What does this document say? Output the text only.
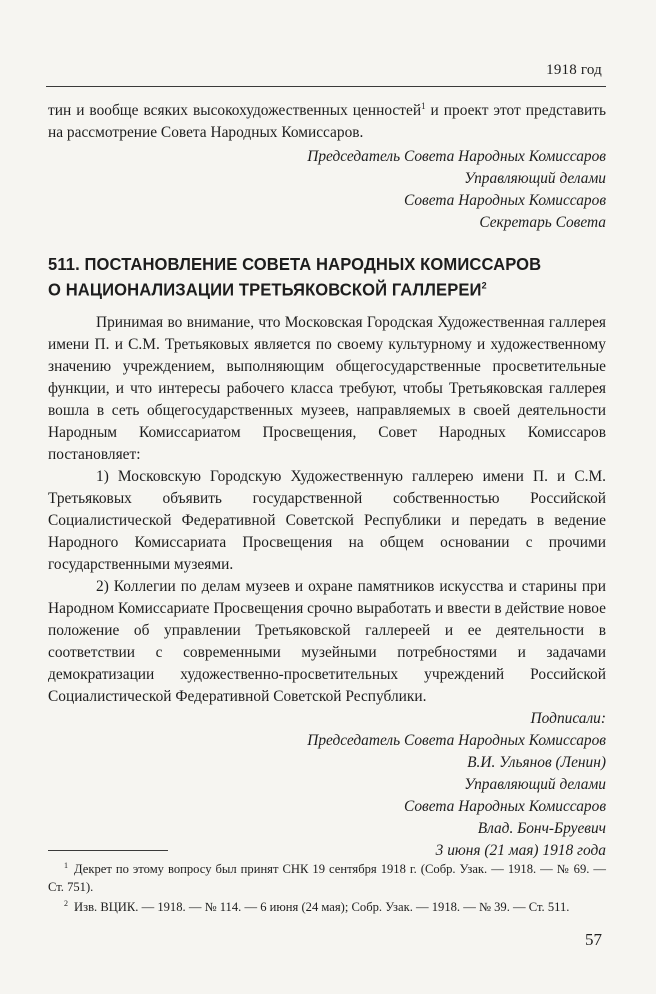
1918 год

тин и вообще всяких высокохудожественных ценностей$^1$ и проект этот представить на рассмотрение Совета Народных Комиссаров.

Председатель Совета Народных Комиссаров
Управляющий делами
Совета Народных Комиссаров
Секретарь Совета
511. ПОСТАНОВЛЕНИЕ СОВЕТА НАРОДНЫХ КОМИССАРОВ
О НАЦИОНАЛИЗАЦИИ ТРЕТЬЯКОВСКОЙ ГАЛЛЕРЕИ$^2$

Принимая во внимание, что Московская Городская Художественная галлерея имени П. и С.М. Третьяковых является по своему культурному и художественному значению учреждением, выполняющим общегосударственные просветительные функции, и что интересы рабочего класса требуют, чтобы Третьяковская галлерея вошла в сеть общегосударственных музеев, направляемых в своей деятельности Народным Комиссариатом Просвещения, Совет Народных Комиссаров постановляет:

1) Московскую Городскую Художественную галлерею имени П. и С.М. Третьяковых объявить государственной собственностью Российской Социалистической Федеративной Советской Республики и передать в ведение Народного Комиссариата Просвещения на общем основании с прочими государственными музеями.

2) Коллегии по делам музеев и охране памятников искусства и старины при Народном Комиссариате Просвещения срочно выработать и ввести в действие новое положение об управлении Третьяковской галлереей и ее деятельности в соответствии с современными музейными потребностями и задачами демократизации художественно-просветительных учреждений Российской Социалистической Федеративной Советской Республики.

Подписали:
Председатель Совета Народных Комиссаров
В.И. Ульянов (Ленин)
Управляющий делами
Совета Народных Комиссаров
Влад. Бонч-Бруевич
3 июня (21 мая) 1918 года

$^1$ Декрет по этому вопросу был принят СНК 19 сентября 1918 г. (Собр. Узак. — 1918. — № 69. — Ст. 751).

$^2$ Изв. ВЦИК. — 1918. — № 114. — 6 июня (24 мая); Собр. Узак. — 1918. — № 39. — Ст. 511.

57
